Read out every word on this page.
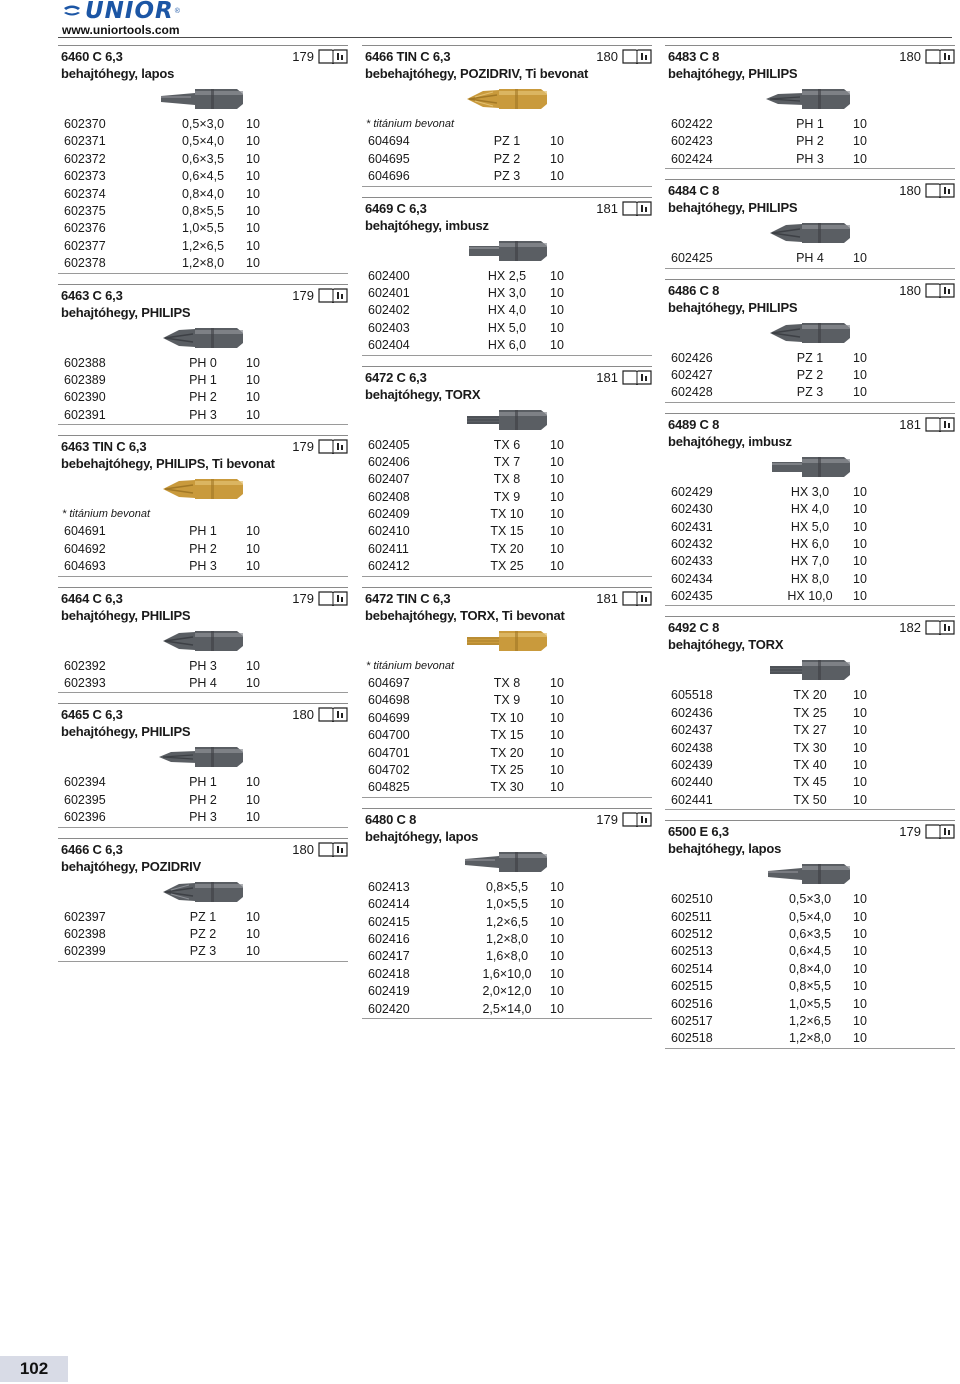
UNIOR ®
www.uniortools.com
6460 C 6,3
behajtóhegy, lapos
179
602370	0,5×3,0	10
602371	0,5×4,0	10
602372	0,6×3,5	10
602373	0,6×4,5	10
602374	0,8×4,0	10
602375	0,8×5,5	10
602376	1,0×5,5	10
602377	1,2×6,5	10
602378	1,2×8,0	10
6463 C 6,3
behajtóhegy, PHILIPS
179
602388	PH 0	10
602389	PH 1	10
602390	PH 2	10
602391	PH 3	10
6463 TIN C 6,3
bebehajtóhegy, PHILIPS, Ti bevonat
179
* titánium bevonat
604691	PH 1	10
604692	PH 2	10
604693	PH 3	10
6464 C 6,3
behajtóhegy, PHILIPS
179
602392	PH 3	10
602393	PH 4	10
6465 C 6,3
behajtóhegy, PHILIPS
180
602394	PH 1	10
602395	PH 2	10
602396	PH 3	10
6466 C 6,3
behajtóhegy, POZIDRIV
180
602397	PZ 1	10
602398	PZ 2	10
602399	PZ 3	10
6466 TIN C 6,3
bebehajtóhegy, POZIDRIV, Ti bevonat
180
* titánium bevonat
604694	PZ 1	10
604695	PZ 2	10
604696	PZ 3	10
6469 C 6,3
behajtóhegy, imbusz
181
602400	HX 2,5	10
602401	HX 3,0	10
602402	HX 4,0	10
602403	HX 5,0	10
602404	HX 6,0	10
6472 C 6,3
behajtóhegy, TORX
181
602405	TX 6	10
602406	TX 7	10
602407	TX 8	10
602408	TX 9	10
602409	TX 10	10
602410	TX 15	10
602411	TX 20	10
602412	TX 25	10
6472 TIN C 6,3
bebehajtóhegy, TORX, Ti bevonat
181
* titánium bevonat
604697	TX 8	10
604698	TX 9	10
604699	TX 10	10
604700	TX 15	10
604701	TX 20	10
604702	TX 25	10
604825	TX 30	10
6480 C 8
behajtóhegy, lapos
179
602413	0,8×5,5	10
602414	1,0×5,5	10
602415	1,2×6,5	10
602416	1,2×8,0	10
602417	1,6×8,0	10
602418	1,6×10,0	10
602419	2,0×12,0	10
602420	2,5×14,0	10
6483 C 8
behajtóhegy, PHILIPS
180
602422	PH 1	10
602423	PH 2	10
602424	PH 3	10
6484 C 8
behajtóhegy, PHILIPS
180
602425	PH 4	10
6486 C 8
behajtóhegy, PHILIPS
180
602426	PZ 1	10
602427	PZ 2	10
602428	PZ 3	10
6489 C 8
behajtóhegy, imbusz
181
602429	HX 3,0	10
602430	HX 4,0	10
602431	HX 5,0	10
602432	HX 6,0	10
602433	HX 7,0	10
602434	HX 8,0	10
602435	HX 10,0	10
6492 C 8
behajtóhegy, TORX
182
605518	TX 20	10
602436	TX 25	10
602437	TX 27	10
602438	TX 30	10
602439	TX 40	10
602440	TX 45	10
602441	TX 50	10
6500 E 6,3
behajtóhegy, lapos
179
602510	0,5×3,0	10
602511	0,5×4,0	10
602512	0,6×3,5	10
602513	0,6×4,5	10
602514	0,8×4,0	10
602515	0,8×5,5	10
602516	1,0×5,5	10
602517	1,2×6,5	10
602518	1,2×8,0	10
102
